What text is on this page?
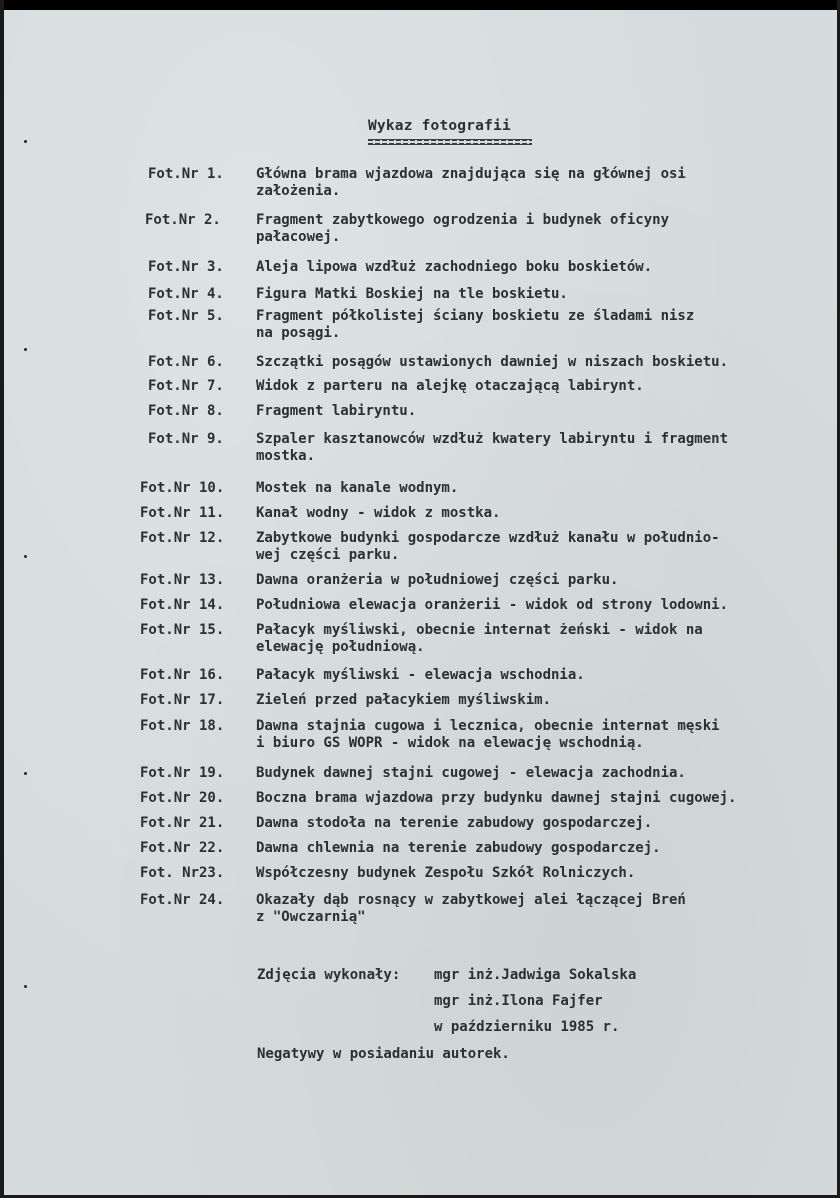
Wykaz fotografii
Fot.Nr 1. Główna brama wjazdowa znajdująca się na głównej osi
założenia.
Fot.Nr 2.	Fragment zabytkowego ogrodzenia i budynek oficyny
pałacowej.
Fot.Nr 3. Aleja lipowa wzdłuż zachodniego boku boskietów.
Fot.Nr 4. Figura Matki Boskiej na tle boskietu.
Fot.Nr 5. Fragment półkolistej ściany boskietu ze śladami nisz
na posągi.
Fot.Nr 6. Szczątki posągów ustawionych dawniej w niszach boskietu.
Fot.Nr 7. Widok z parteru na alejkę otaczającą labirynt.
Fot.Nr 8. Fragment labiryntu.
Fot.Nr 9. Szpaler kasztanowców wzdłuż kwatery labiryntu i fragment
mostka.
Fot.Nr 10. Mostek na kanale wodnym.
Fot.Nr 11. Kanał wodny - widok z mostka.
Fot.Nr 12. Zabytkowe budynki gospodarcze wzdłuż kanału w południo-
wej części parku.
Fot.Nr 13. Dawna oranżeria w południowej części parku.
Fot.Nr 14. Południowa elewacja oranżerii - widok od strony lodowni.
Fot.Nr 15. Pałacyk myśliwski, obecnie internat żeński - widok na
elewację południową.
Fot.Nr 16. Pałacyk myśliwski - elewacja wschodnia.
Fot.Nr 17. Zieleń przed pałacykiem myśliwskim.
Fot.Nr 18. Dawna stajnia cugowa i lecznica, obecnie internat męski
i biuro GS WOPR - widok na elewację wschodnią.
Fot.Nr 19. Budynek dawnej stajni cugowej - elewacja zachodnia.
Fot.Nr 20. Boczna brama wjazdowa przy budynku dawnej stajni cugowej.
Fot.Nr 21. Dawna stodoła na terenie zabudowy gospodarczej.
Fot.Nr 22. Dawna chlewnia na terenie zabudowy gospodarczej.
Fot. Nr23. Współczesny budynek Zespołu Szkół Rolniczych.
Fot.Nr 24. Okazały dąb rosnący w zabytkowej alei łączącej Breń
z "Owczarnią"
Zdjęcia wykonały: mgr inż.Jadwiga Sokalska
mgr inż.Ilona Fajfer
w październiku 1985 r.
Negatywy w posiadaniu autorek.
